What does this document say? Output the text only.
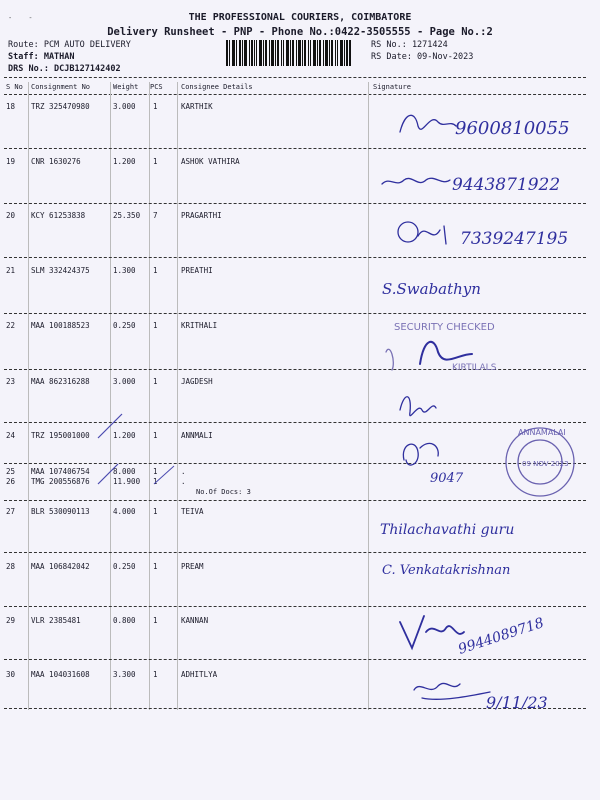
- -	THE PROFESSIONAL COURIERS, COIMBATORE
Delivery Runsheet - PNP - Phone No.:0422-3505555 - Page No.:2
Route: PCM AUTO DELIVERY
Staff: MATHAN
DRS No.: DCJB127142402
RS No.: 1271424
RS Date: 09-Nov-2023
S No Consignment No	Weight PCS	Consignee Details	Signature
18 TRZ 325470980	3.000 1	KARTHIK
19 CNR 1630276	1.200 1	ASHOK VATHIRA
20 KCY 61253838	25.350 7	PRAGARTHI
21 SLM 332424375	1.300 1	PREATHI
22 MAA 100188523	0.250 1	KRITHALI
23 MAA 862316288	3.000 1	JAGDESH
24 TRZ 195001000	1.200 1	ANNMALI
25 MAA 107406754	8.000 1	.
26 TMG 200556876	11.900 1	.
No.Of Docs: 3
27 BLR 530090113	4.000 1	TEIVA
28 MAA 106842042	0.250 1	PREAM
29 VLR 2385481	0.800 1	KANNAN
30 MAA 104031608	3.300 1	ADHITLYA
9600810055
9443871922
7339247195
S.Swabathyn
SECURITY CHECKED
KIRTILALS
9047
ANNAMALAI
09 NOV 2023
Thilachavathi guru
C. Venkatakrishnan
9944089718
9/11/23
